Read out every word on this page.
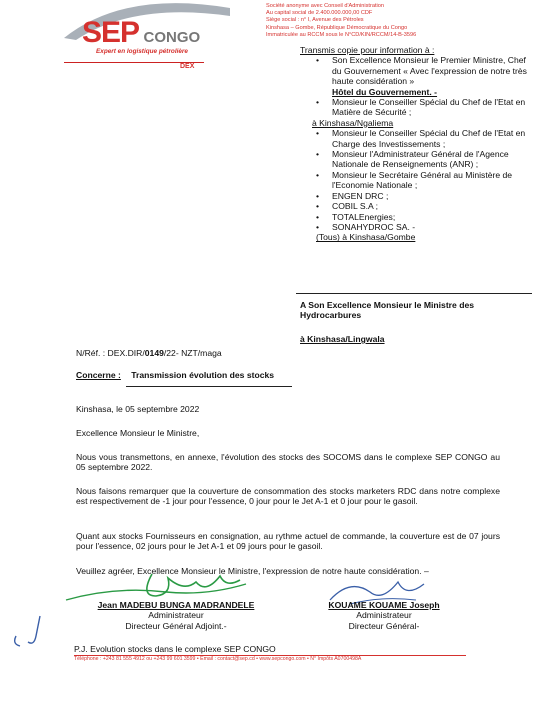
SEP CONGO
Expert en logistique pétrolière
DEX
Société anonyme avec Conseil d'Administration
Au capital social de 2.400.000.000,00 CDF
Siège social : n° I, Avenue des Pétroles
Kinshasa – Gombe, République Démocratique du Congo
Immatriculée au RCCM sous le N°CD/KIN/RCCM/14-B-3596
Transmis copie pour information à :
• Son Excellence Monsieur le Premier Ministre, Chef du Gouvernement « Avec l'expression de notre très haute considération »
Hôtel du Gouvernement. -
• Monsieur le Conseiller Spécial du Chef de l'Etat en Matière de Sécurité ;
à Kinshasa/Ngaliema
• Monsieur le Conseiller Spécial du Chef de l'Etat en Charge des Investissements ;
• Monsieur l'Administrateur Général de l'Agence Nationale de Renseignements (ANR) ;
• Monsieur le Secrétaire Général au Ministère de l'Economie Nationale ;
• ENGEN DRC ;
• COBIL S.A ;
• TOTALEnergies;
• SONAHYDROC SA. -
(Tous) à Kinshasa/Gombe
A Son Excellence Monsieur le Ministre des
Hydrocarbures
à Kinshasa/Lingwala
N/Réf. : DEX.DIR/0149/22- NZT/maga
Concerne : Transmission évolution des stocks
Kinshasa, le 05 septembre 2022
Excellence Monsieur le Ministre,
Nous vous transmettons, en annexe, l'évolution des stocks des SOCOMS dans le complexe SEP CONGO au 05 septembre 2022.
Nous faisons remarquer que la couverture de consommation des stocks marketers RDC dans notre complexe est respectivement de -1 jour pour l'essence, 0 jour pour le Jet A-1 et 0 jour pour le gasoil.
Quant aux stocks Fournisseurs en consignation, au rythme actuel de commande, la couverture est de 07 jours pour l'essence, 02 jours pour le Jet A-1 et 09 jours pour le gasoil.
Veuillez agréer, Excellence Monsieur le Ministre, l'expression de notre haute considération. –
Jean MADEBU BUNGA MADRANDELE
Administrateur
Directeur Général Adjoint.-
KOUAME KOUAME Joseph
Administrateur
Directeur Général-
P.J. Evolution stocks dans le complexe SEP CONGO
Téléphone : +243 81 555 4912 ou +243 99 601 3599 • Email : contact@sep.cd • www.sepcongo.com • N° Impôts A0700498A
